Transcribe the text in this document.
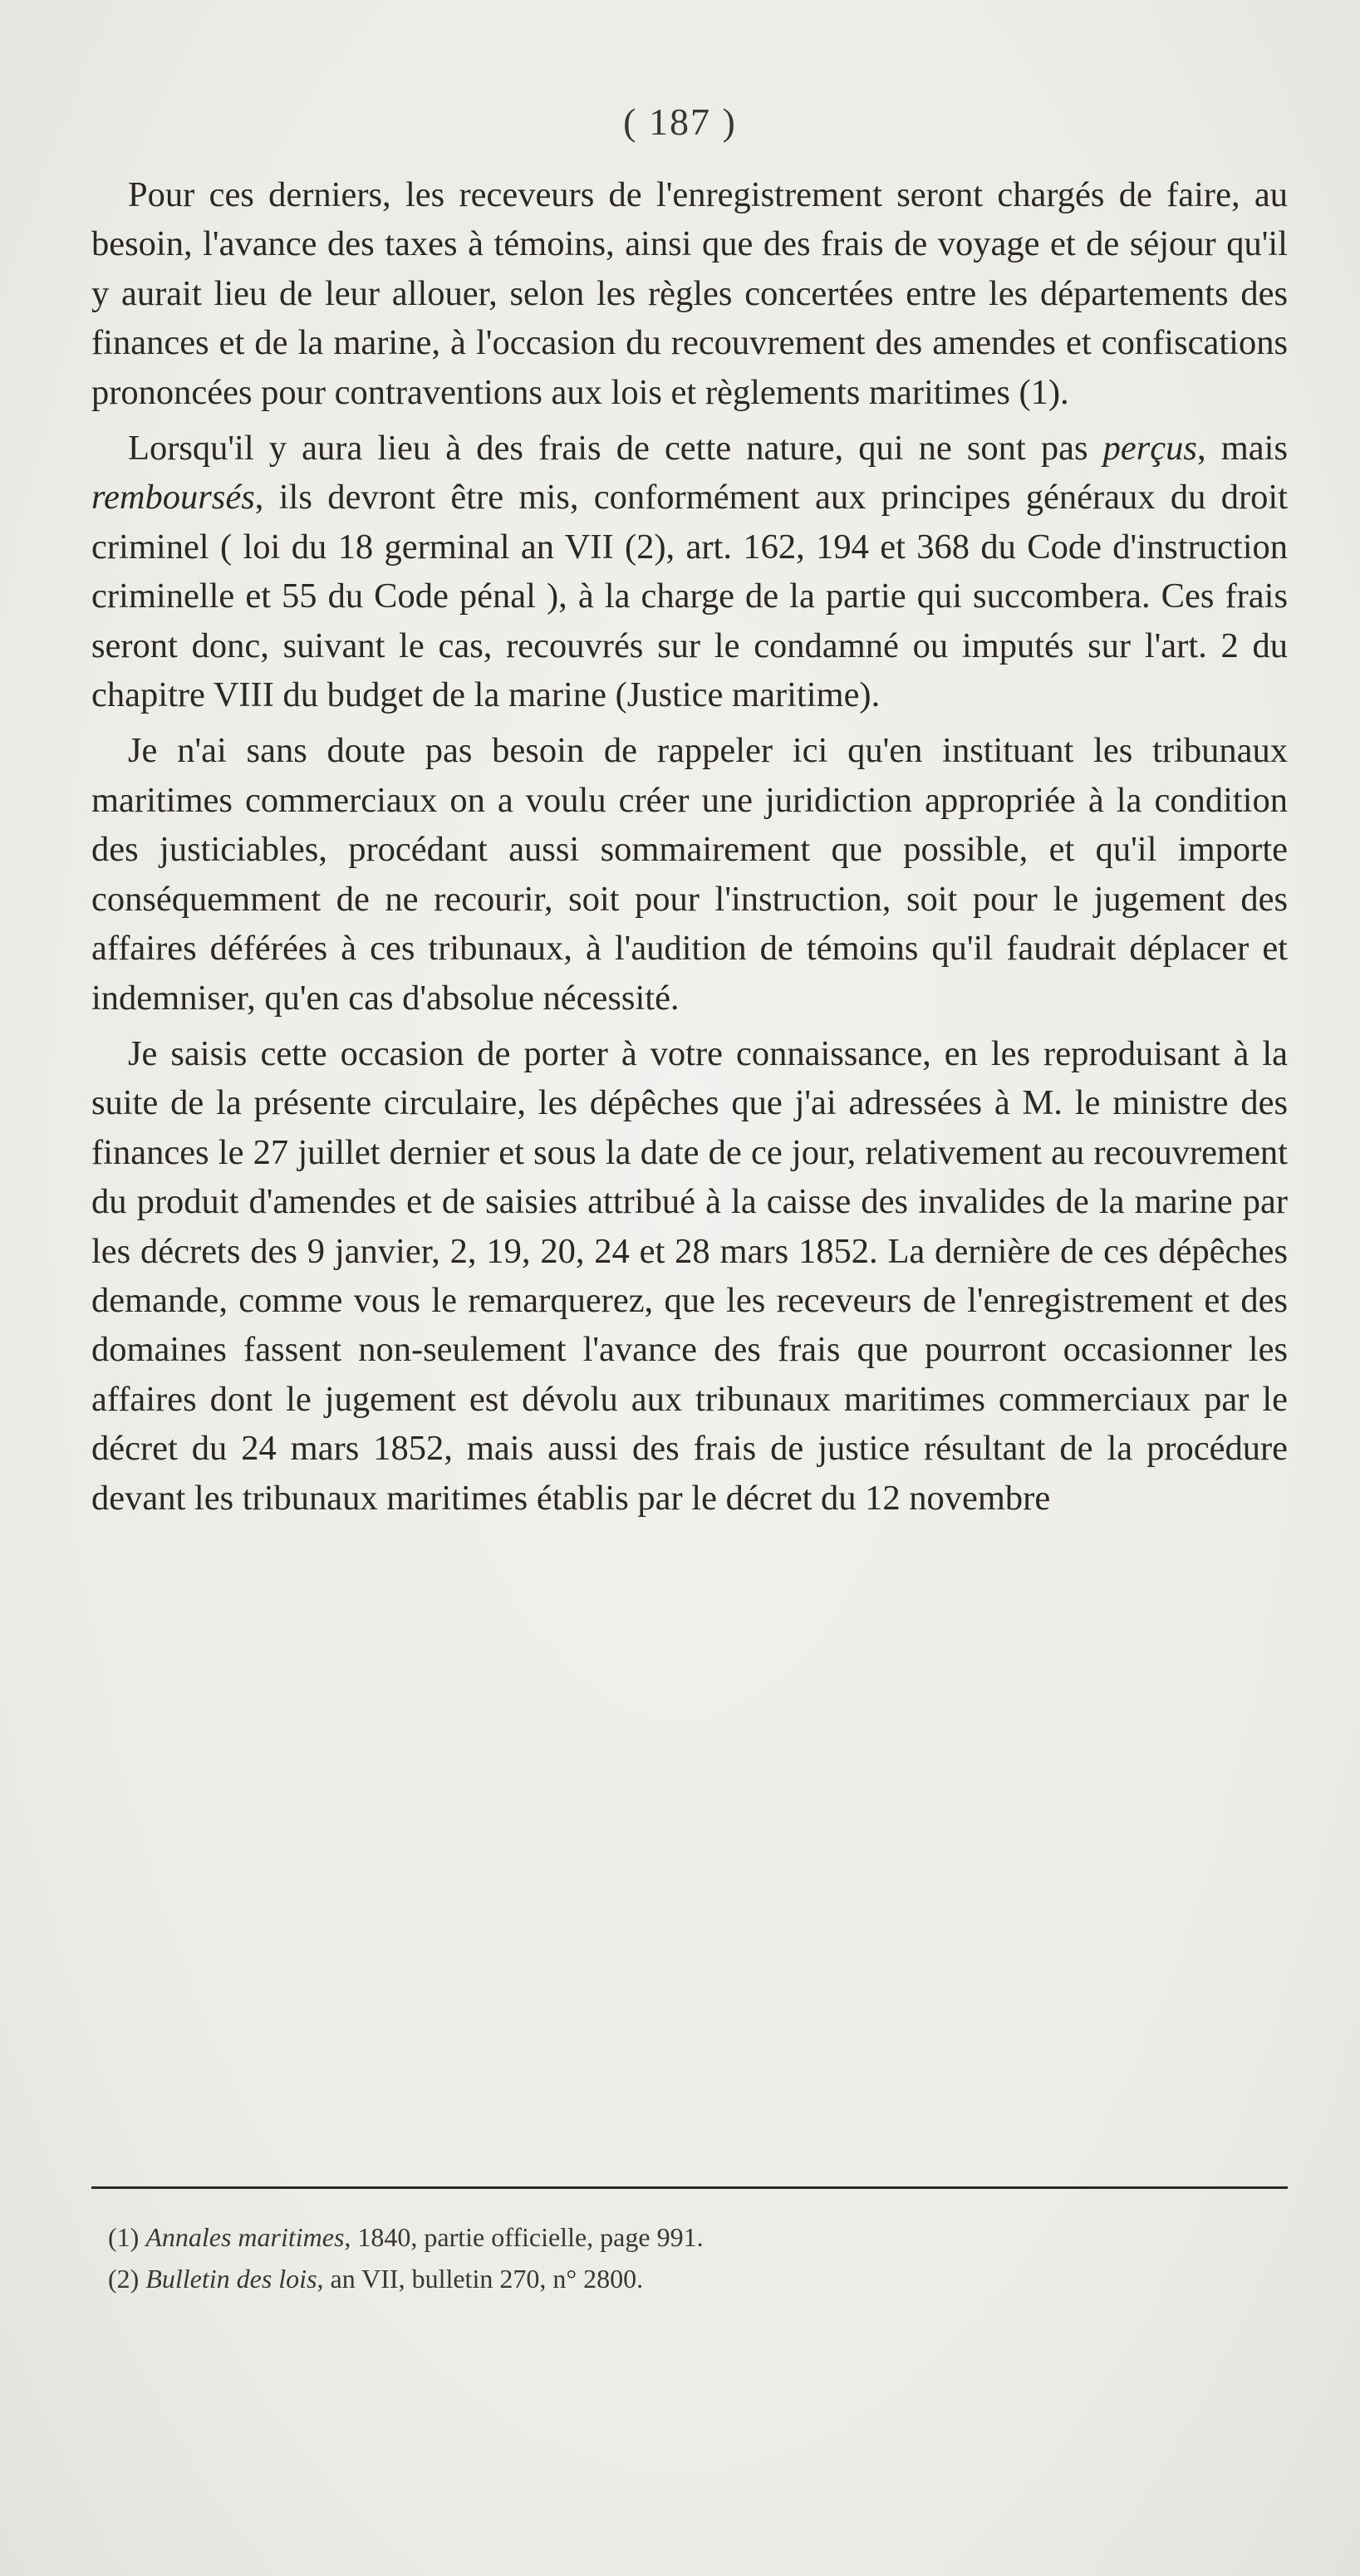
( 187 )

Pour ces derniers, les receveurs de l'enregistrement seront chargés de faire, au besoin, l'avance des taxes à témoins, ainsi que des frais de voyage et de séjour qu'il y aurait lieu de leur allouer, selon les règles concertées entre les départements des finances et de la marine, à l'occasion du recouvrement des amendes et confiscations prononcées pour contraventions aux lois et règlements maritimes (1).

Lorsqu'il y aura lieu à des frais de cette nature, qui ne sont pas perçus, mais remboursés, ils devront être mis, conformément aux principes généraux du droit criminel ( loi du 18 germinal an VII (2), art. 162, 194 et 368 du Code d'instruction criminelle et 55 du Code pénal ), à la charge de la partie qui succombera. Ces frais seront donc, suivant le cas, recouvrés sur le condamné ou imputés sur l'art. 2 du chapitre VIII du budget de la marine (Justice maritime).

Je n'ai sans doute pas besoin de rappeler ici qu'en instituant les tribunaux maritimes commerciaux on a voulu créer une juridiction appropriée à la condition des justiciables, procédant aussi sommairement que possible, et qu'il importe conséquemment de ne recourir, soit pour l'instruction, soit pour le jugement des affaires déférées à ces tribunaux, à l'audition de témoins qu'il faudrait déplacer et indemniser, qu'en cas d'absolue nécessité.

Je saisis cette occasion de porter à votre connaissance, en les reproduisant à la suite de la présente circulaire, les dépêches que j'ai adressées à M. le ministre des finances le 27 juillet dernier et sous la date de ce jour, relativement au recouvrement du produit d'amendes et de saisies attribué à la caisse des invalides de la marine par les décrets des 9 janvier, 2, 19, 20, 24 et 28 mars 1852. La dernière de ces dépêches demande, comme vous le remarquerez, que les receveurs de l'enregistrement et des domaines fassent non-seulement l'avance des frais que pourront occasionner les affaires dont le jugement est dévolu aux tribunaux maritimes commerciaux par le décret du 24 mars 1852, mais aussi des frais de justice résultant de la procédure devant les tribunaux maritimes établis par le décret du 12 novembre

(1) Annales maritimes, 1840, partie officielle, page 991.
(2) Bulletin des lois, an VII, bulletin 270, n° 2800.
